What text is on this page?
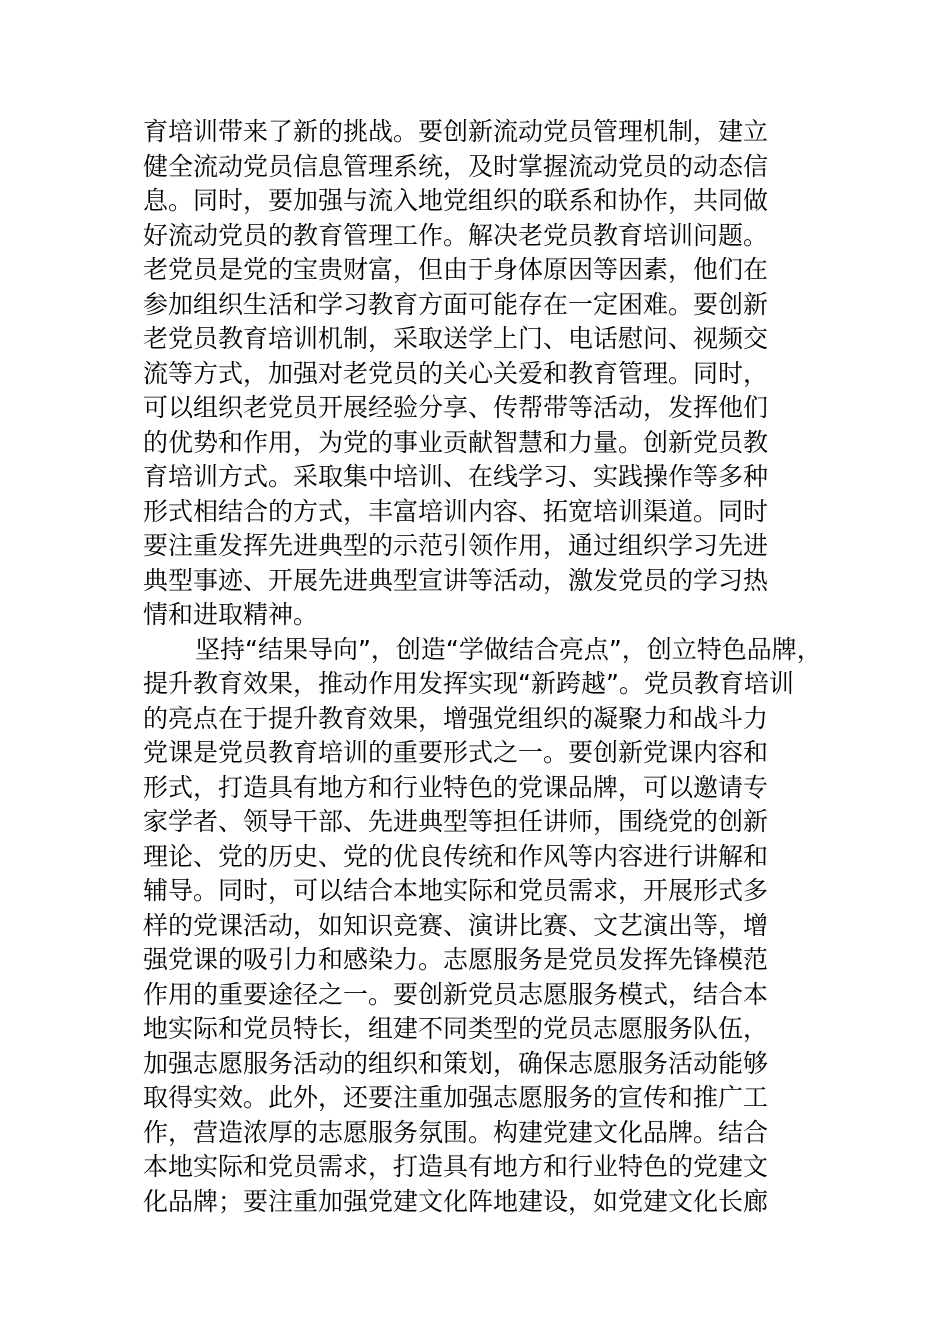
育培训带来了新的挑战。要创新流动党员管理机制，建立
健全流动党员信息管理系统，及时掌握流动党员的动态信
息。同时，要加强与流入地党组织的联系和协作，共同做
好流动党员的教育管理工作。解决老党员教育培训问题。
老党员是党的宝贵财富，但由于身体原因等因素，他们在
参加组织生活和学习教育方面可能存在一定困难。要创新
老党员教育培训机制，采取送学上门、电话慰问、视频交
流等方式，加强对老党员的关心关爱和教育管理。同时，
可以组织老党员开展经验分享、传帮带等活动，发挥他们
的优势和作用，为党的事业贡献智慧和力量。创新党员教
育培训方式。采取集中培训、在线学习、实践操作等多种
形式相结合的方式，丰富培训内容、拓宽培训渠道。同时
要注重发挥先进典型的示范引领作用，通过组织学习先进
典型事迹、开展先进典型宣讲等活动，激发党员的学习热
情和进取精神。
坚持“结果导向”，创造“学做结合亮点”，创立特色品牌，
提升教育效果，推动作用发挥实现“新跨越”。党员教育培训
的亮点在于提升教育效果，增强党组织的凝聚力和战斗力
党课是党员教育培训的重要形式之一。要创新党课内容和
形式，打造具有地方和行业特色的党课品牌，可以邀请专
家学者、领导干部、先进典型等担任讲师，围绕党的创新
理论、党的历史、党的优良传统和作风等内容进行讲解和
辅导。同时，可以结合本地实际和党员需求，开展形式多
样的党课活动，如知识竞赛、演讲比赛、文艺演出等，增
强党课的吸引力和感染力。志愿服务是党员发挥先锋模范
作用的重要途径之一。要创新党员志愿服务模式，结合本
地实际和党员特长，组建不同类型的党员志愿服务队伍，
加强志愿服务活动的组织和策划，确保志愿服务活动能够
取得实效。此外，还要注重加强志愿服务的宣传和推广工
作，营造浓厚的志愿服务氛围。构建党建文化品牌。结合
本地实际和党员需求，打造具有地方和行业特色的党建文
化品牌；要注重加强党建文化阵地建设，如党建文化长廊
